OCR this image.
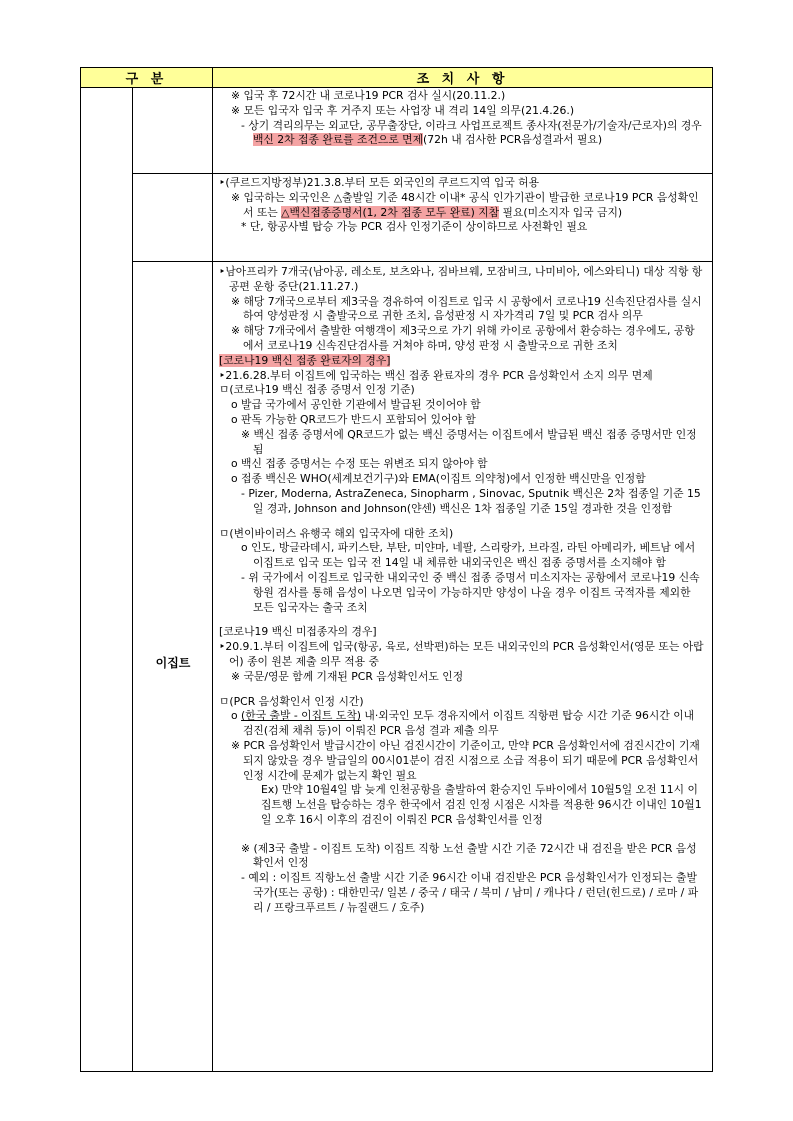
구 분	조 치 사 항

※ 입국 후 72시간 내 코로나19 PCR 검사 실시(20.11.2.)

※ 모든 입국자 입국 후 거주지 또는 사업장 내 격리 14일 의무(21.4.26.)

- 상기 격리의무는 외교단, 공무출장단, 이라크 사업프로젝트 종사자(전문가/기술자/근로자)의 경우 백신 2차 접종 완료를 조건으로 면제(72h 내 검사한 PCR음성결과서 필요)

‣(쿠르드지방정부)21.3.8.부터 모든 외국인의 쿠르드지역 입국 허용

※ 입국하는 외국인은 △출발일 기준 48시간 이내* 공식 인가기관이 발급한 코로나19 PCR 음성확인서 또는 △백신접종증명서(1, 2차 접종 모두 완료) 지참 필요(미소지자 입국 금지)

* 단, 항공사별 탑승 가능 PCR 검사 인정기준이 상이하므로 사전확인 필요

이집트

‣남아프리카 7개국(남아공, 레소토, 보츠와나, 짐바브웨, 모잠비크, 나미비아, 에스와티니) 대상 직항 항공편 운항 중단(21.11.27.)

※ 해당 7개국으로부터 제3국을 경유하여 이집트로 입국 시 공항에서 코로나19 신속진단검사를 실시하여 양성판정 시 출발국으로 귀한 조치, 음성판정 시 자가격리 7일 및 PCR 검사 의무

※ 해당 7개국에서 출발한 여행객이 제3국으로 가기 위해 카이로 공항에서 환승하는 경우에도, 공항에서 코로나19 신속진단검사를 거쳐야 하며, 양성 판정 시 출발국으로 귀한 조치

[코로나19 백신 접종 완료자의 경우]

‣21.6.28.부터 이집트에 입국하는 백신 접종 완료자의 경우 PCR 음성확인서 소지 의무 면제

ㅁ(코로나19 백신 접종 증명서 인정 기준)

o 발급 국가에서 공인한 기관에서 발급된 것이어야 함

o 판독 가능한 QR코드가 반드시 포함되어 있어야 함

※ 백신 접종 증명서에 QR코드가 없는 백신 증명서는 이집트에서 발급된 백신 접종 증명서만 인정됨

o 백신 접종 증명서는 수정 또는 위변조 되지 않아야 함

o 접종 백신은 WHO(세계보건기구)와 EMA(이집트 의약청)에서 인정한 백신만을 인정함

- Pizer, Moderna, AstraZeneca, Sinopharm , Sinovac, Sputnik 백신은 2차 접종일 기준 15일 경과, Johnson and Johnson(얀센) 백신은 1차 접종일 기준 15일 경과한 것을 인정함

ㅁ(변이바이러스 유행국 해외 입국자에 대한 조치)

o 인도, 방글라데시, 파키스탄, 부탄, 미얀마, 네팔, 스리랑카, 브라질, 라틴 아메리카, 베트남 에서 이집트로 입국 또는 입국 전 14일 내 체류한 내외국인은 백신 접종 증명서를 소지해야 함

- 위 국가에서 이집트로 입국한 내외국인 중 백신 접종 증명서 미소지자는 공항에서 코로나19 신속 항원 검사를 통해 음성이 나오면 입국이 가능하지만 양성이 나올 경우 이집트 국적자를 제외한 모든 입국자는 출국 조치

[코로나19 백신 미접종자의 경우]

‣20.9.1.부터 이집트에 입국(항공, 육로, 선박편)하는 모든 내외국인의 PCR 음성확인서(영문 또는 아랍어) 종이 원본 제출 의무 적용 중

※ 국문/영문 함께 기재된 PCR 음성확인서도 인정

ㅁ(PCR 음성확인서 인정 시간)

o (한국 출발 - 이집트 도착) 내·외국인 모두 경유지에서 이집트 직항편 탑승 시간 기준 96시간 이내 검진(검체 채취 등)이 이뤄진 PCR 음성 결과 제출 의무

※ PCR 음성확인서 발급시간이 아닌 검진시간이 기준이고, 만약 PCR 음성확인서에 검진시간이 기재되지 않았을 경우 발급일의 00시01분이 검진 시점으로 소급 적용이 되기 때문에 PCR 음성확인서 인정 시간에 문제가 없는지 확인 필요

Ex) 만약 10월4일 밤 늦게 인천공항을 출발하여 환승지인 두바이에서 10월5일 오전 11시 이집트행 노선을 탑승하는 경우 한국에서 검진 인정 시점은 시차를 적용한 96시간 이내인 10월1일 오후 16시 이후의 검진이 이뤄진 PCR 음성확인서를 인정

※ (제3국 출발 - 이집트 도착) 이집트 직항 노선 출발 시간 기준 72시간 내 검진을 받은 PCR 음성확인서 인정

- 예외 : 이집트 직항노선 출발 시간 기준 96시간 이내 검진받은 PCR 음성확인서가 인정되는 출발 국가(또는 공항) : 대한민국/ 일본 / 중국 / 태국 / 북미 / 남미 / 캐나다 / 런던(힌드로) / 로마 / 파리 / 프랑크푸르트 / 뉴질랜드 / 호주)
